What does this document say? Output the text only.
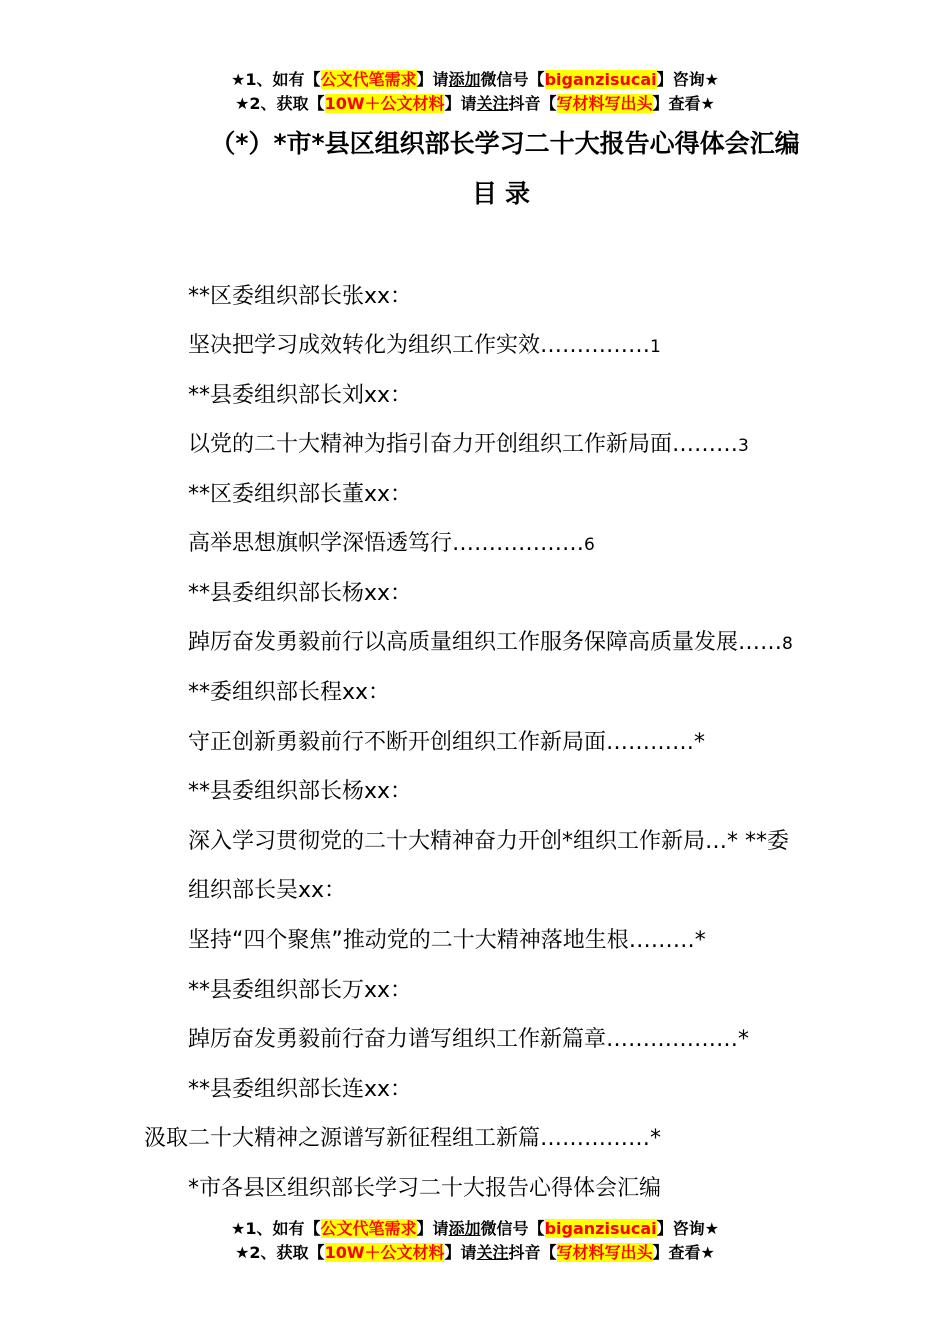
★1、如有【公文代笔需求】请添加微信号【biganzisucai】咨询★
★2、获取【10W＋公文材料】请关注抖音【写材料写出头】查看★
（*）*市*县区组织部长学习二十大报告心得体会汇编
目录
**区委组织部长张xx：
坚决把学习成效转化为组织工作实效……………1
**县委组织部长刘xx：
以党的二十大精神为指引奋力开创组织工作新局面………3
**区委组织部长董xx：
高举思想旗帜学深悟透笃行………………6
**县委组织部长杨xx：
踔厉奋发勇毅前行以高质量组织工作服务保障高质量发展……8
**委组织部长程xx：
守正创新勇毅前行不断开创组织工作新局面…………*
**县委组织部长杨xx：
深入学习贯彻党的二十大精神奋力开创*组织工作新局…* **委
组织部长吴xx：
坚持“四个聚焦”推动党的二十大精神落地生根………*
**县委组织部长万xx：
踔厉奋发勇毅前行奋力谱写组织工作新篇章………………*
**县委组织部长连xx：
汲取二十大精神之源谱写新征程组工新篇……………*
*市各县区组织部长学习二十大报告心得体会汇编
★1、如有【公文代笔需求】请添加微信号【biganzisucai】咨询★
★2、获取【10W＋公文材料】请关注抖音【写材料写出头】查看★
